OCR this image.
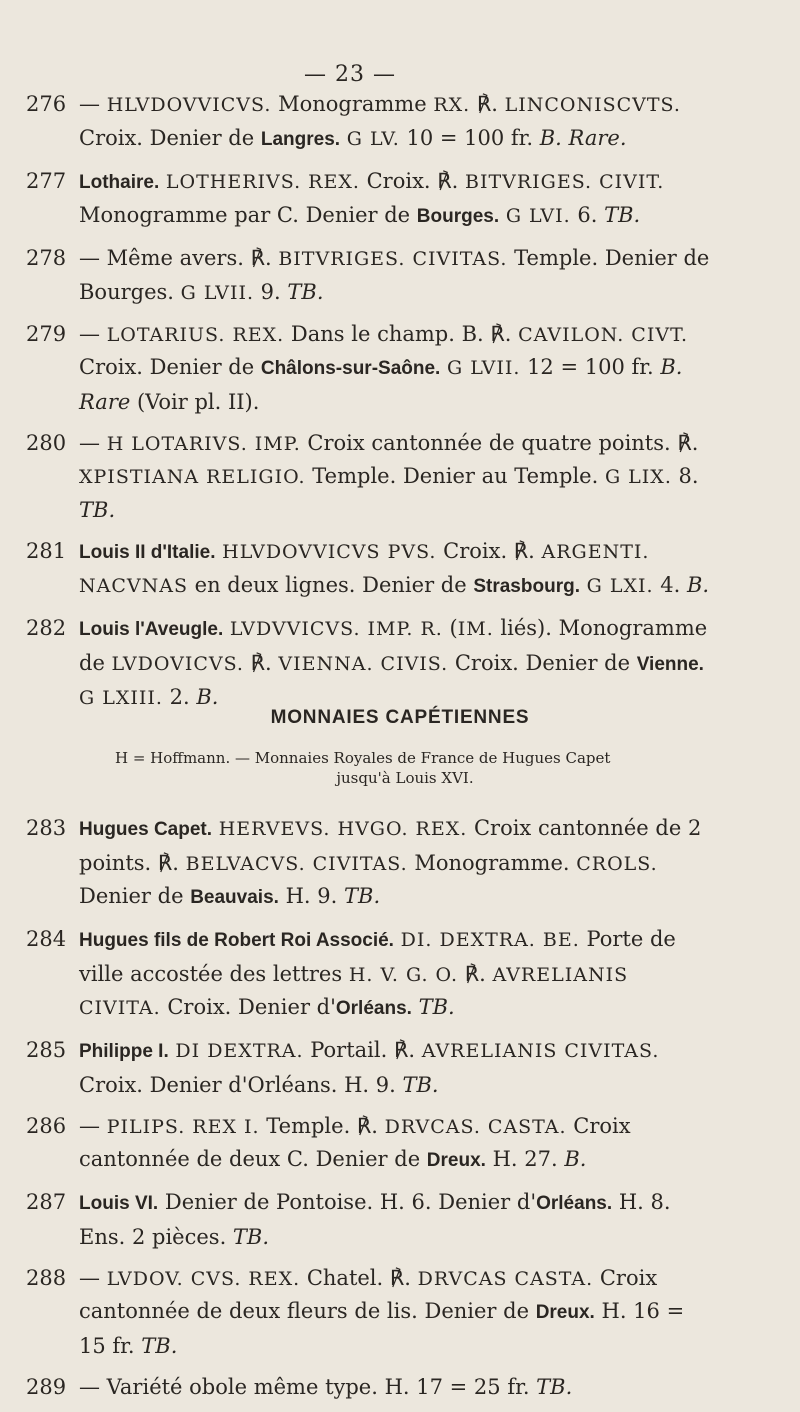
— 23 —
276 — HLVDOVVICVS. Monogramme RX. ℟. LINCONISCVTS. Croix. Denier de Langres. G LV. 10 = 100 fr. B. Rare.
277 Lothaire. LOTHERIVS. REX. Croix. ℟. BITVRIGES. CIVIT. Monogramme par C. Denier de Bourges. G LVI. 6. TB.
278 — Même avers. ℟. BITVRIGES. CIVITAS. Temple. Denier de Bourges. G LVII. 9. TB.
279 — LOTARIUS. REX. Dans le champ. B. ℟. CAVILON. CIVT. Croix. Denier de Châlons-sur-Saône. G LVII. 12 = 100 fr. B. Rare (Voir pl. II).
280 — H LOTARIVS. IMP. Croix cantonnée de quatre points. ℟. XPISTIANA RELIGIO. Temple. Denier au Temple. G LIX. 8. TB.
281 Louis II d'Italie. HLVDOVVICVS PVS. Croix. ℟. ARGENTI. NACVNAS en deux lignes. Denier de Strasbourg. G LXI. 4. B.
282 Louis l'Aveugle. LVDVVICVS. IMP. R. (IM. liés). Monogramme de LVDOVICVS. ℟. VIENNA. CIVIS. Croix. Denier de Vienne. G LXIII. 2. B.
MONNAIES CAPÉTIENNES
H = Hoffmann. — Monnaies Royales de France de Hugues Capet
jusqu'à Louis XVI.
283 Hugues Capet. HERVEVS. HVGO. REX. Croix cantonnée de 2 points. ℟. BELVACVS. CIVITAS. Monogramme. CROLS. Denier de Beauvais. H. 9. TB.
284 Hugues fils de Robert Roi Associé. DI. DEXTRA. BE. Porte de ville accostée des lettres H. V. G. O. ℟. AVRELIANIS CIVITA. Croix. Denier d'Orléans. TB.
285 Philippe I. DI DEXTRA. Portail. ℟. AVRELIANIS CIVITAS. Croix. Denier d'Orléans. H. 9. TB.
286 — PILIPS. REX I. Temple. ℟. DRVCAS. CASTA. Croix cantonnée de deux C. Denier de Dreux. H. 27. B.
287 Louis VI. Denier de Pontoise. H. 6. Denier d'Orléans. H. 8. Ens. 2 pièces. TB.
288 — LVDOV. CVS. REX. Chatel. ℟. DRVCAS CASTA. Croix cantonnée de deux fleurs de lis. Denier de Dreux. H. 16 = 15 fr. TB.
289 — Variété obole même type. H. 17 = 25 fr. TB.
